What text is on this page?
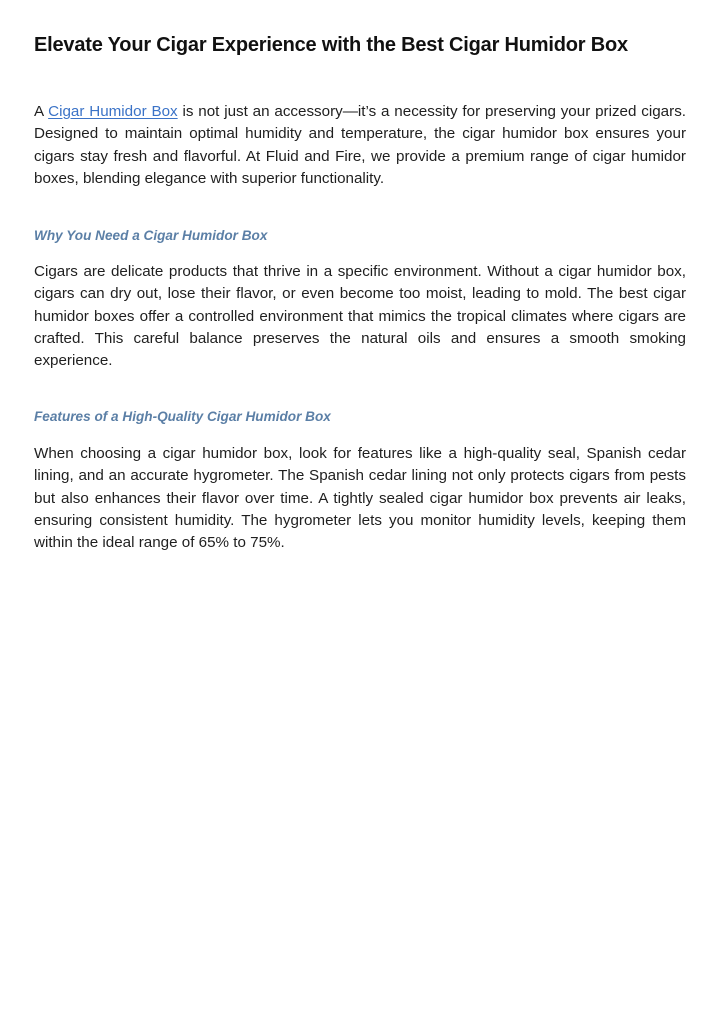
Elevate Your Cigar Experience with the Best Cigar Humidor Box

A Cigar Humidor Box is not just an accessory—it’s a necessity for preserving your prized cigars. Designed to maintain optimal humidity and temperature, the cigar humidor box ensures your cigars stay fresh and flavorful. At Fluid and Fire, we provide a premium range of cigar humidor boxes, blending elegance with superior functionality.

Why You Need a Cigar Humidor Box

Cigars are delicate products that thrive in a specific environment. Without a cigar humidor box, cigars can dry out, lose their flavor, or even become too moist, leading to mold. The best cigar humidor boxes offer a controlled environment that mimics the tropical climates where cigars are crafted. This careful balance preserves the natural oils and ensures a smooth smoking experience.

Features of a High-Quality Cigar Humidor Box

When choosing a cigar humidor box, look for features like a high-quality seal, Spanish cedar lining, and an accurate hygrometer. The Spanish cedar lining not only protects cigars from pests but also enhances their flavor over time. A tightly sealed cigar humidor box prevents air leaks, ensuring consistent humidity. The hygrometer lets you monitor humidity levels, keeping them within the ideal range of 65% to 75%.
